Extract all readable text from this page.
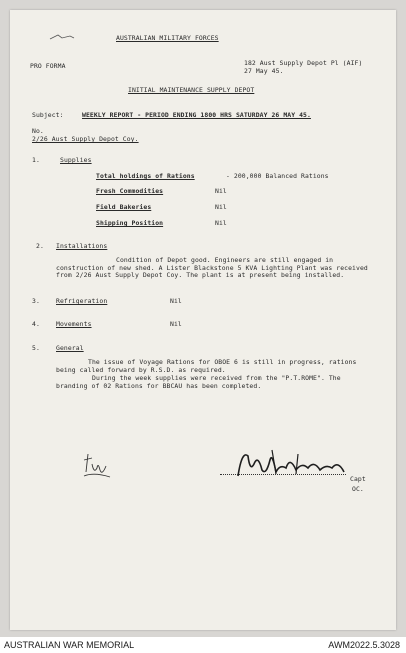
AUSTRALIAN MILITARY FORCES
PRO FORMA	182 Aust Supply Depot Pl (AIF)
27 May 45.
INITIAL MAINTENANCE SUPPLY DEPOT
Subject:	WEEKLY REPORT - PERIOD ENDING 1800 HRS SATURDAY 26 MAY 45.
No.
2/26 Aust Supply Depot Coy.
1.	Supplies
Total holdings of Rations	- 200,000 Balanced Rations
Fresh Commodities	Nil
Field Bakeries	Nil
Shipping Position	Nil
2. Installations
Condition of Depot good. Engineers are still engaged in construction of new shed. A Lister Blackstone 5 KVA Lighting Plant was received from 2/26 Aust Supply Depot Coy. The plant is at present being installed.
3.	Refrigeration	Nil
4.	Movements	Nil
5.	General
The issue of Voyage Rations for OBOE 6 is still in progress, rations being called forward by R.S.D. as required.
During the week supplies were received from the "P.T.ROME". The branding of 02 Rations for BBCAU has been completed.
Capt
OC.
AUSTRALIAN WAR MEMORIAL	AWM2022.5.3028
